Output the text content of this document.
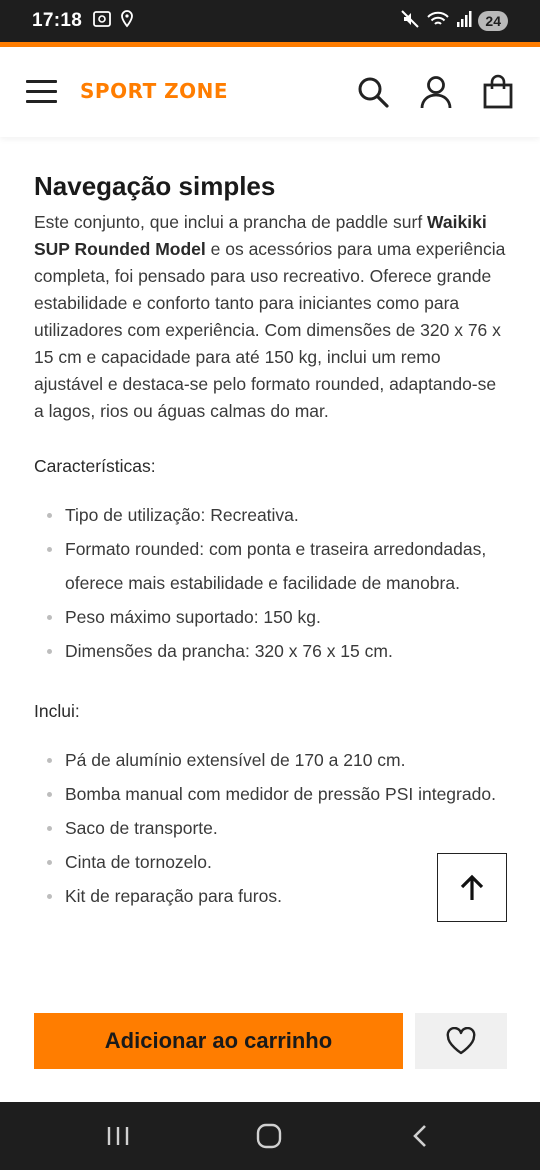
17:18	24
SPORT ZONE
Navegação simples

Este conjunto, que inclui a prancha de paddle surf Waikiki SUP Rounded Model e os acessórios para uma experiência completa, foi pensado para uso recreativo. Oferece grande estabilidade e conforto tanto para iniciantes como para utilizadores com experiência. Com dimensões de 320 x 76 x 15 cm e capacidade para até 150 kg, inclui um remo ajustável e destaca-se pelo formato rounded, adaptando-se a lagos, rios ou águas calmas do mar.

Características:

Tipo de utilização: Recreativa.
Formato rounded: com ponta e traseira arredondadas, oferece mais estabilidade e facilidade de manobra.
Peso máximo suportado: 150 kg.
Dimensões da prancha: 320 x 76 x 15 cm.

Inclui:

Pá de alumínio extensível de 170 a 210 cm.
Bomba manual com medidor de pressão PSI integrado.
Saco de transporte.
Cinta de tornozelo.
Kit de reparação para furos.
Adicionar ao carrinho
